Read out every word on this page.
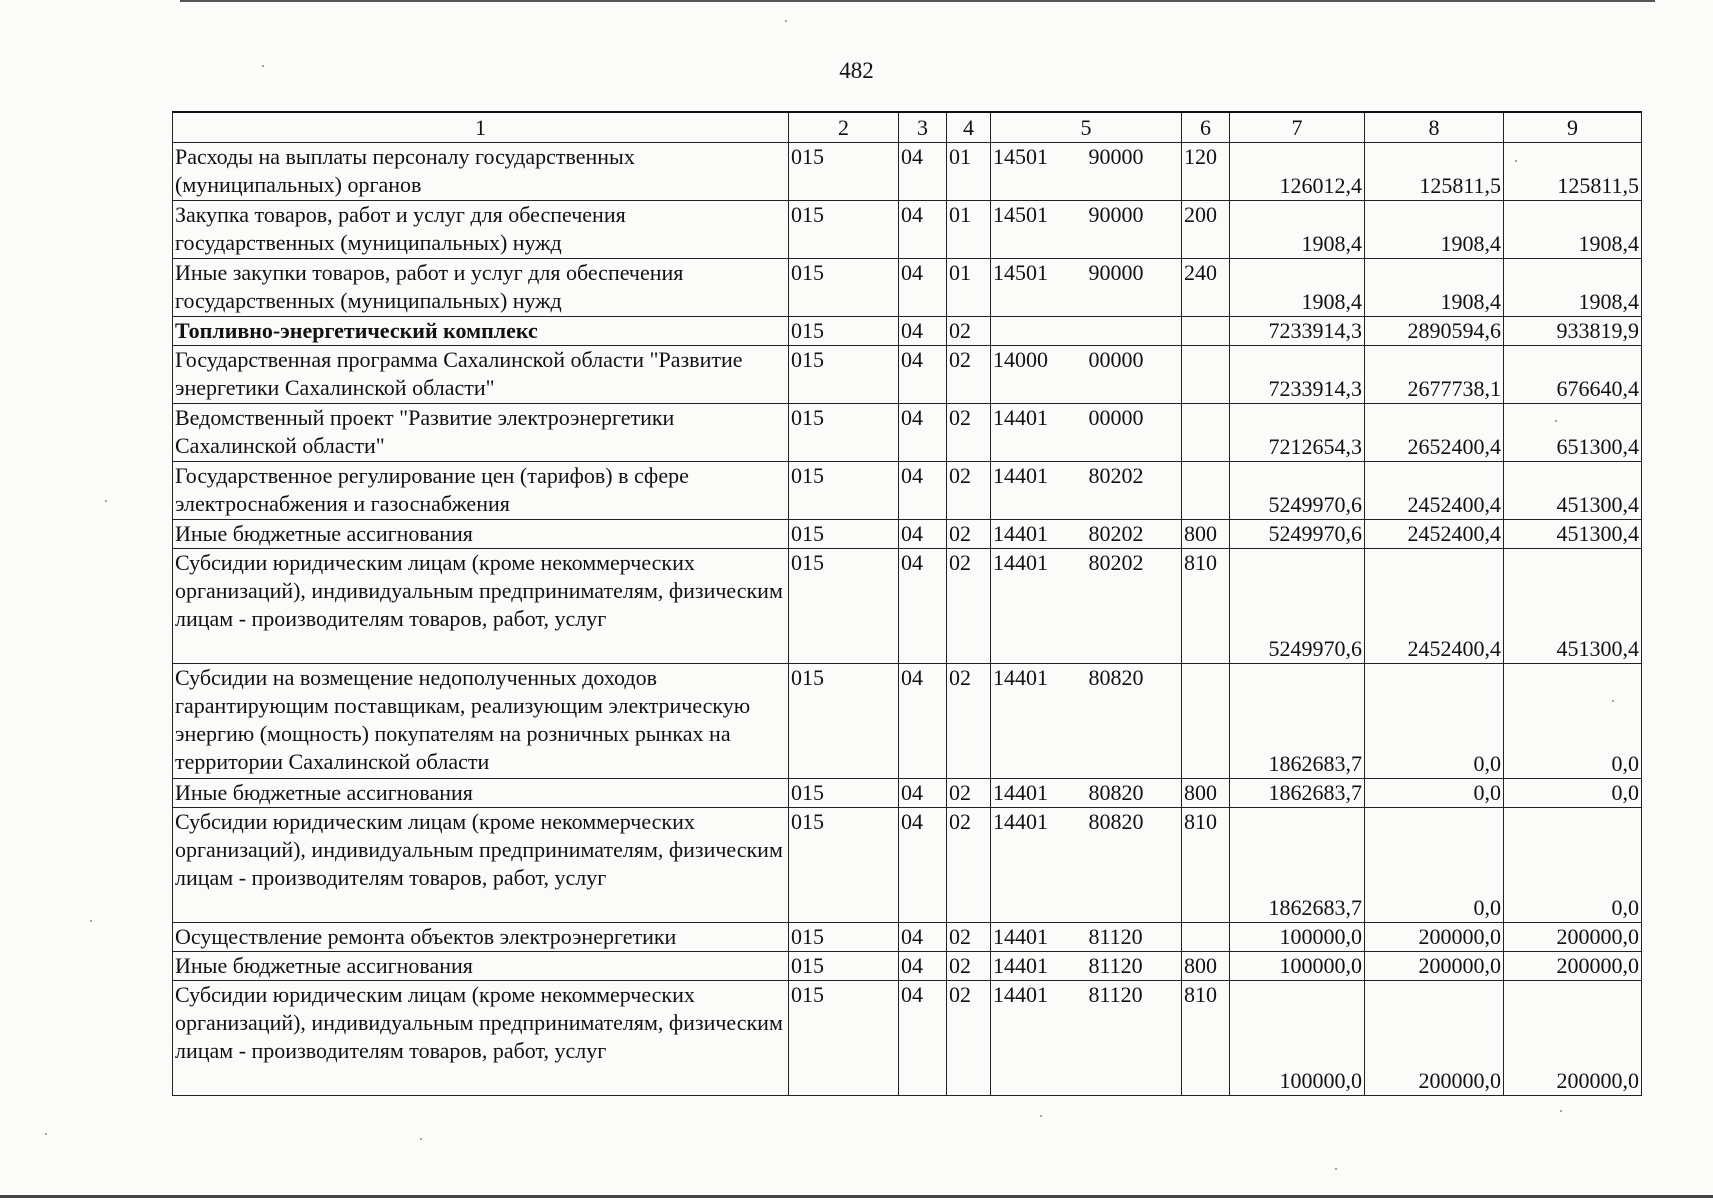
482
1	2	3	4	5		6	7	8	9
Расходы на выплаты персоналу государственных (муниципальных) органов	015	04	01	14501	90000	120	126012,4	125811,5	125811,5
Закупка товаров, работ и услуг для обеспечения государственных (муниципальных) нужд	015	04	01	14501	90000	200	1908,4	1908,4	1908,4
Иные закупки товаров, работ и услуг для обеспечения государственных (муниципальных) нужд	015	04	01	14501	90000	240	1908,4	1908,4	1908,4
Топливно-энергетический комплекс	015	04	02				7233914,3	2890594,6	933819,9
Государственная программа Сахалинской области "Развитие энергетики Сахалинской области"	015	04	02	14000	00000		7233914,3	2677738,1	676640,4
Ведомственный проект "Развитие электроэнергетики Сахалинской области"	015	04	02	14401	00000		7212654,3	2652400,4	651300,4
Государственное регулирование цен (тарифов) в сфере электроснабжения и газоснабжения	015	04	02	14401	80202		5249970,6	2452400,4	451300,4
Иные бюджетные ассигнования	015	04	02	14401	80202	800	5249970,6	2452400,4	451300,4
Субсидии юридическим лицам (кроме некоммерческих организаций), индивидуальным предпринимателям, физическим лицам - производителям товаров, работ, услуг	015	04	02	14401	80202	810	5249970,6	2452400,4	451300,4
Субсидии на возмещение недополученных доходов гарантирующим поставщикам, реализующим электрическую энергию (мощность) покупателям на розничных рынках на территории Сахалинской области	015	04	02	14401	80820		1862683,7	0,0	0,0
Иные бюджетные ассигнования	015	04	02	14401	80820	800	1862683,7	0,0	0,0
Субсидии юридическим лицам (кроме некоммерческих организаций), индивидуальным предпринимателям, физическим лицам - производителям товаров, работ, услуг	015	04	02	14401	80820	810	1862683,7	0,0	0,0
Осуществление ремонта объектов электроэнергетики	015	04	02	14401	81120		100000,0	200000,0	200000,0
Иные бюджетные ассигнования	015	04	02	14401	81120	800	100000,0	200000,0	200000,0
Субсидии юридическим лицам (кроме некоммерческих организаций), индивидуальным предпринимателям, физическим лицам - производителям товаров, работ, услуг	015	04	02	14401	81120	810	100000,0	200000,0	200000,0
